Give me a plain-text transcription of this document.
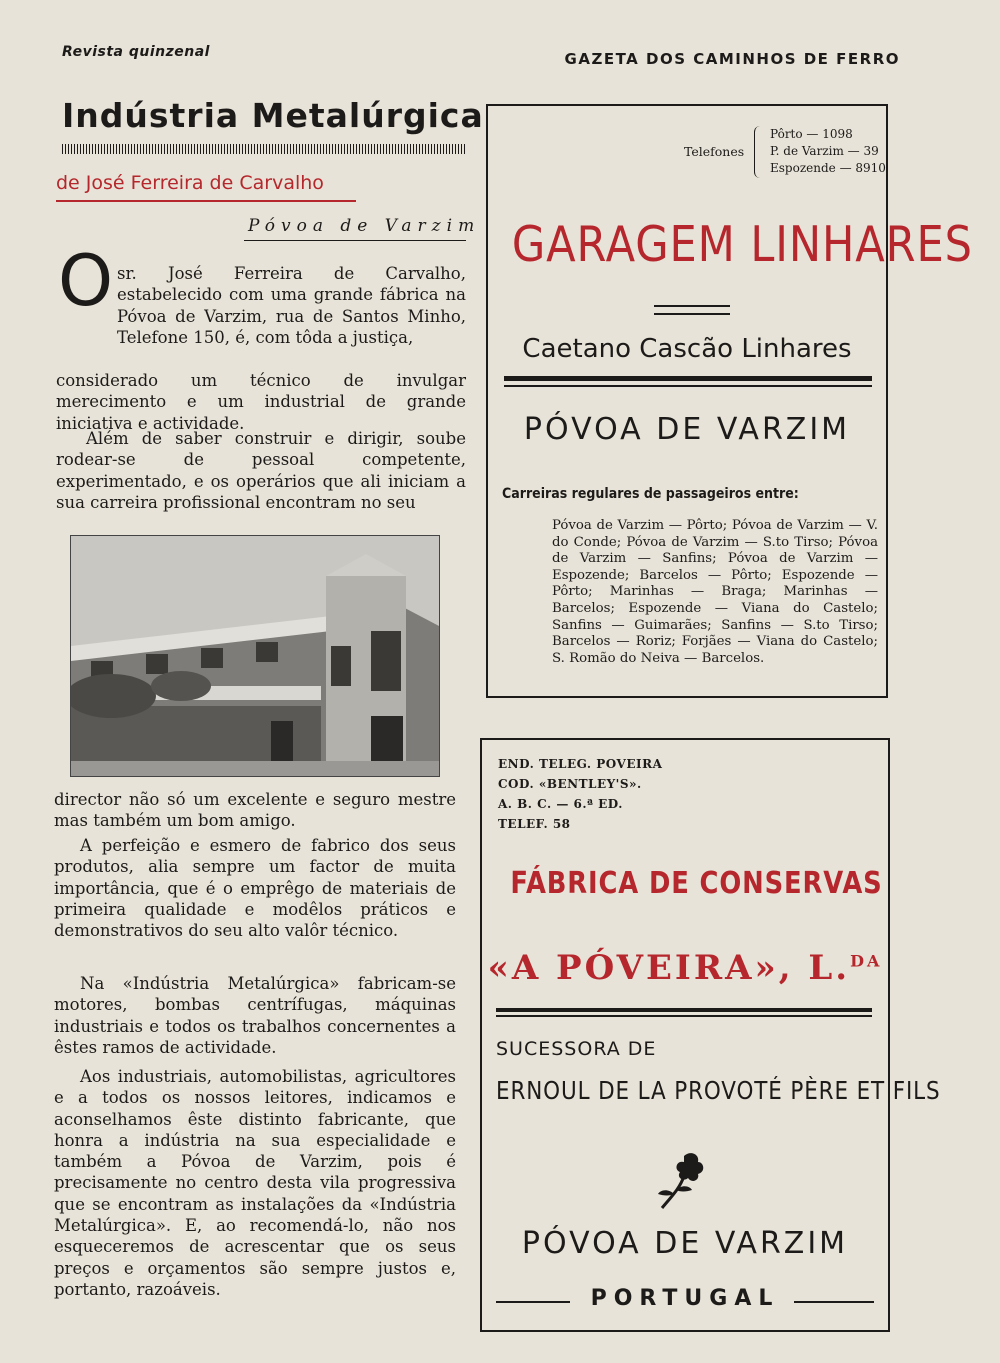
Revista quinzenal	GAZETA DOS CAMINHOS DE FERRO
Indústria Metalúrgica
de José Ferreira de Carvalho
Póvoa de Varzim
O sr. José Ferreira de Carvalho, estabelecido com uma grande fábrica na Póvoa de Varzim, rua de Santos Minho, Telefone 150, é, com tôda a justiça,

considerado um técnico de invulgar merecimento e um industrial de grande iniciativa e actividade.

Além de saber construir e dirigir, soube rodear-se de pessoal competente, experimentado, e os operários que ali iniciam a sua carreira profissional encontram no seu

director não só um excelente e seguro mestre mas também um bom amigo.

A perfeição e esmero de fabrico dos seus produtos, alia sempre um factor de muita importância, que é o emprêgo de materiais de primeira qualidade e modêlos práticos e demonstrativos do seu alto valôr técnico.

Na «Indústria Metalúrgica» fabricam-se motores, bombas centrífugas, máquinas industriais e todos os trabalhos concernentes a êstes ramos de actividade.

Aos industriais, automobilistas, agricultores e a todos os nossos leitores, indicamos e aconselhamos êste distinto fabricante, que honra a indústria na sua especialidade e também a Póvoa de Varzim, pois é precisamente no centro desta vila progressiva que se encontram as instalações da «Indústria Metalúrgica». E, ao recomendá-lo, não nos esqueceremos de acrescentar que os seus preços e orçamentos são sempre justos e, portanto, razoáveis.

Telefones
Pôrto — 1098
P. de Varzim — 39
Espozende — 8910
GARAGEM LINHARES
Caetano Cascão Linhares
PÓVOA DE VARZIM
Carreiras regulares de passageiros entre:
Póvoa de Varzim — Pôrto; Póvoa de Varzim — V. do Conde; Póvoa de Varzim — S.to Tirso; Póvoa de Varzim — Sanfins; Póvoa de Varzim — Espozende; Barcelos — Pôrto; Espozende — Pôrto; Marinhas — Braga; Marinhas — Barcelos; Espozende — Viana do Castelo; Sanfins — Guimarães; Sanfins — S.to Tirso; Barcelos — Roriz; Forjães — Viana do Castelo; S. Romão do Neiva — Barcelos.
END. TELEG. POVEIRA
COD. «BENTLEY'S».
A. B. C. — 6.ª ED.
TELEF. 58
FÁBRICA DE CONSERVAS
«A PÓVEIRA», L.$^{DA}$
SUCESSORA DE
ERNOUL DE LA PROVOTÉ PÈRE ET FILS
PÓVOA DE VARZIM
PORTUGAL
